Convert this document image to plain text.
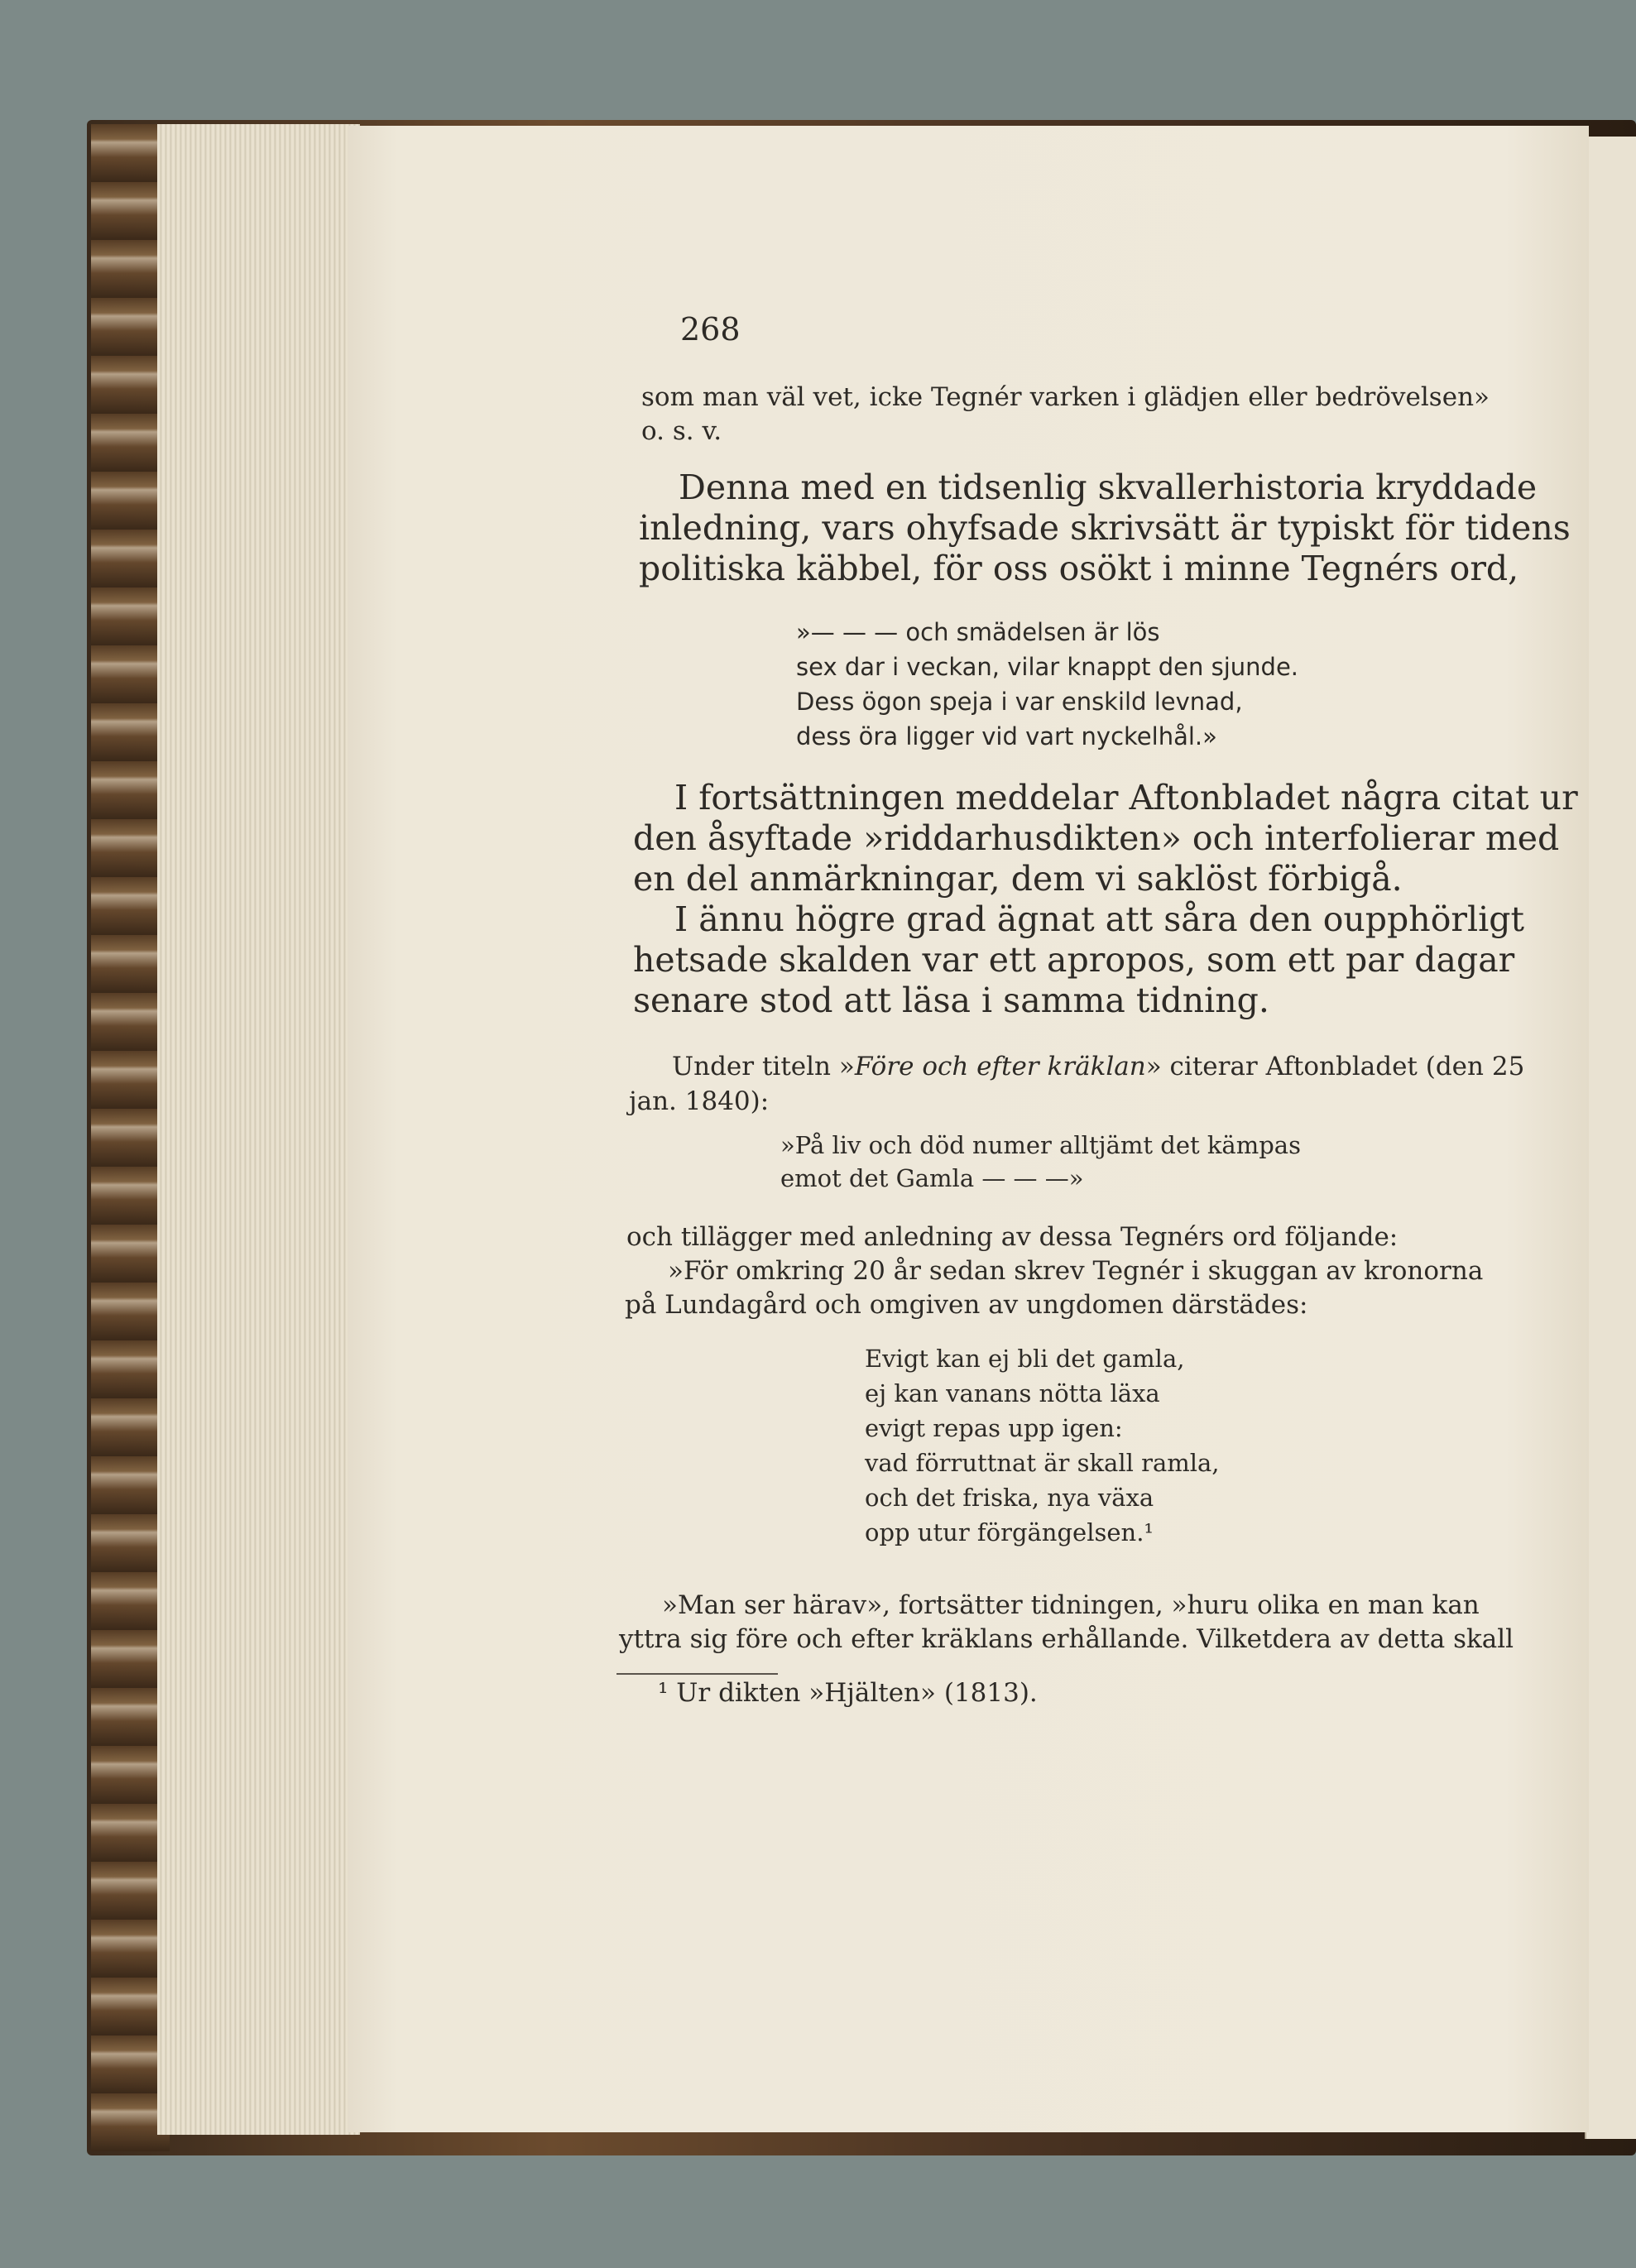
268
som man väl vet, icke Tegnér varken i glädjen eller bedrövelsen»
o. s. v.
Denna med en tidsenlig skvallerhistoria kryddade
inledning, vars ohyfsade skrivsätt är typiskt för tidens
politiska käbbel, för oss osökt i minne Tegnérs ord,
»— — — och smädelsen är lös
sex dar i veckan, vilar knappt den sjunde.
Dess ögon speja i var enskild levnad,
dess öra ligger vid vart nyckelhål.»
I fortsättningen meddelar Aftonbladet några citat ur
den åsyftade »riddarhusdikten» och interfolierar med
en del anmärkningar, dem vi saklöst förbigå.
I ännu högre grad ägnat att såra den oupphörligt
hetsade skalden var ett apropos, som ett par dagar
senare stod att läsa i samma tidning.
Under titeln »Före och efter kräklan» citerar Aftonbladet (den 25
jan. 1840):
»På liv och död numer alltjämt det kämpas
emot det Gamla — — —»
och tillägger med anledning av dessa Tegnérs ord följande:
»För omkring 20 år sedan skrev Tegnér i skuggan av kronorna
på Lundagård och omgiven av ungdomen därstädes:
Evigt kan ej bli det gamla,
ej kan vanans nötta läxa
evigt repas upp igen:
vad förruttnat är skall ramla,
och det friska, nya växa
opp utur förgängelsen.¹
»Man ser härav», fortsätter tidningen, »huru olika en man kan
yttra sig före och efter kräklans erhållande. Vilketdera av detta skall
¹ Ur dikten »Hjälten» (1813).
